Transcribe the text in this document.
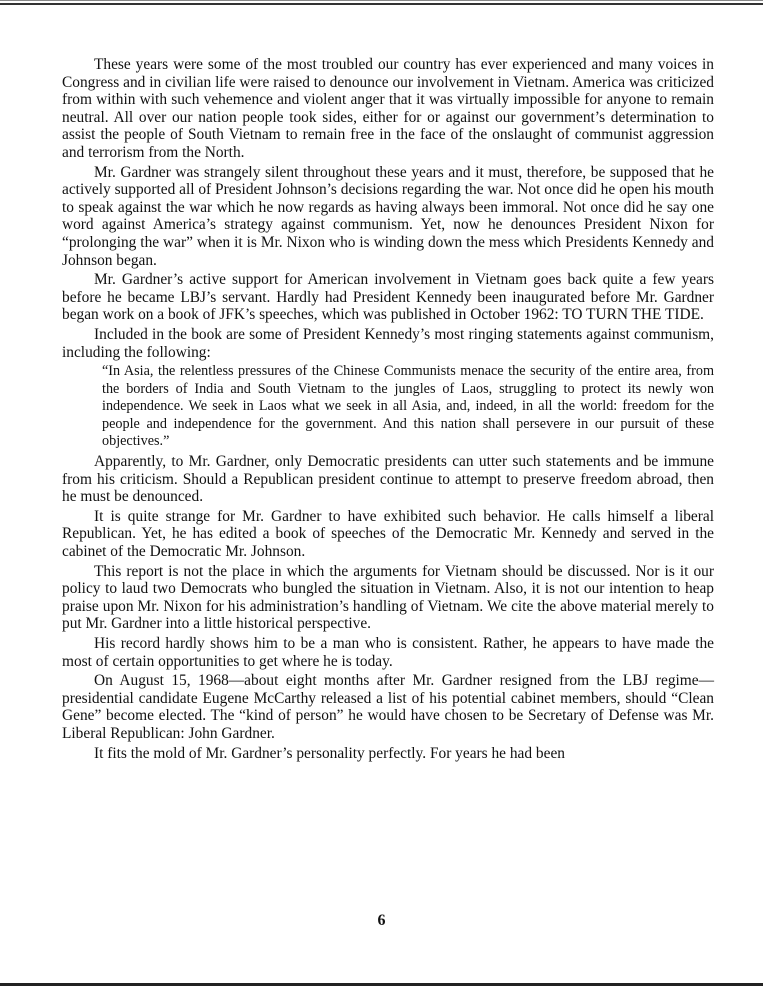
These years were some of the most troubled our country has ever experienced and many voices in Congress and in civilian life were raised to denounce our involvement in Vietnam. America was criticized from within with such vehemence and violent anger that it was virtually impossible for anyone to remain neutral. All over our nation people took sides, either for or against our government’s determination to assist the people of South Vietnam to remain free in the face of the onslaught of communist aggression and terrorism from the North.

Mr. Gardner was strangely silent throughout these years and it must, therefore, be supposed that he actively supported all of President Johnson’s decisions regarding the war. Not once did he open his mouth to speak against the war which he now regards as having always been immoral. Not once did he say one word against America’s strategy against communism. Yet, now he denounces President Nixon for “prolonging the war” when it is Mr. Nixon who is winding down the mess which Presidents Kennedy and Johnson began.

Mr. Gardner’s active support for American involvement in Vietnam goes back quite a few years before he became LBJ’s servant. Hardly had President Kennedy been inaugurated before Mr. Gardner began work on a book of JFK’s speeches, which was published in October 1962: TO TURN THE TIDE.

Included in the book are some of President Kennedy’s most ringing statements against communism, including the following:

“In Asia, the relentless pressures of the Chinese Communists menace the security of the entire area, from the borders of India and South Vietnam to the jungles of Laos, struggling to protect its newly won independence. We seek in Laos what we seek in all Asia, and, indeed, in all the world: freedom for the people and independence for the government. And this nation shall persevere in our pursuit of these objectives.”

Apparently, to Mr. Gardner, only Democratic presidents can utter such statements and be immune from his criticism. Should a Republican president continue to attempt to preserve freedom abroad, then he must be denounced.

It is quite strange for Mr. Gardner to have exhibited such behavior. He calls himself a liberal Republican. Yet, he has edited a book of speeches of the Democratic Mr. Kennedy and served in the cabinet of the Democratic Mr. Johnson.

This report is not the place in which the arguments for Vietnam should be discussed. Nor is it our policy to laud two Democrats who bungled the situation in Vietnam. Also, it is not our intention to heap praise upon Mr. Nixon for his administration’s handling of Vietnam. We cite the above material merely to put Mr. Gardner into a little historical perspective.

His record hardly shows him to be a man who is consistent. Rather, he appears to have made the most of certain opportunities to get where he is today.

On August 15, 1968—about eight months after Mr. Gardner resigned from the LBJ regime—presidential candidate Eugene McCarthy released a list of his potential cabinet members, should “Clean Gene” become elected. The “kind of person” he would have chosen to be Secretary of Defense was Mr. Liberal Republican: John Gardner.

It fits the mold of Mr. Gardner’s personality perfectly. For years he had been

6
